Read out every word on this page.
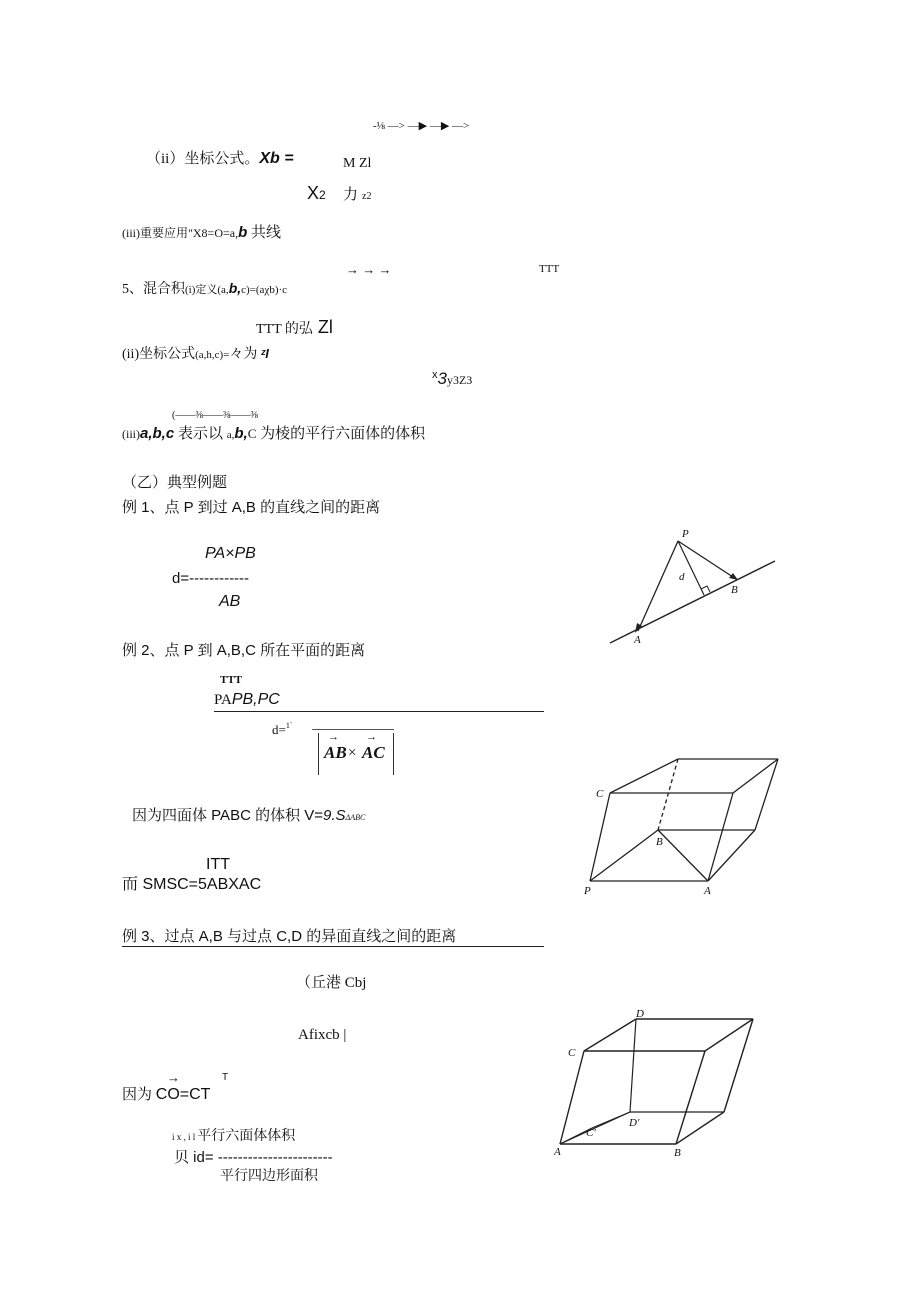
-⅛ —> —▶ —▶ —>
（ii）坐标公式。Xb =	M Zl
X2 力z2
(iii)重要应用"X8=O=a,b 共线
→ → →	TTT
5、混合积(i)定义(a,b,c)=(aχb)·c
TTT 的弘 Zl
(ii)坐标公式(a,h,c)=々为 ᶻI
$^x$3y3Z3
(——⅜——⅜——⅜
(iii)a,b,c 表示以 a,b,C 为棱的平行六面体的体积
（乙）典型例题
例 1、点 P 到过 A,B 的直线之间的距离
PA×PB
d=------------
AB
P
d
B
A
例 2、点 P 到 A,B,C 所在平面的距离
TTT
PAPB,PC
d=$^{1`}$
→
AB ×
→
AC
因为四面体 PABC 的体积 V=9.SΔABC
ITT
而 SMSC=5ABXAC
C
B
P	A
例 3、过点 A,B 与过点 C,D 的异面直线之间的距离
（丘港 Cbj
Afixcb |
→	T
因为 CO=CT
i x , i l 平行六面体体积
贝 id= -----------------------
平行四边形面积
D
C
D'
C'
A	B
